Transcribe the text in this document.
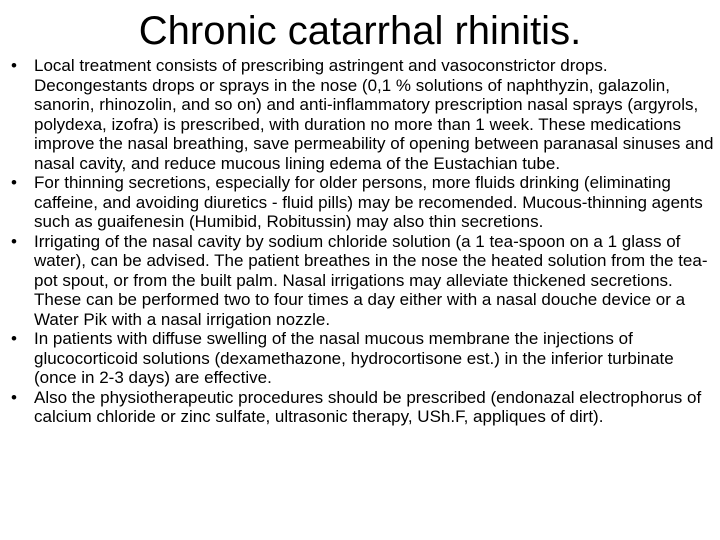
Chronic catarrhal rhinitis.
• Local treatment consists of prescribing astringent and vasoconstrictor drops. Decongestants drops or sprays in the nose (0,1 % solutions of naphthyzin, galazolin, sanorin, rhinozolin, and so on) and anti-inflammatory prescription nasal sprays (argyrols, polydexa, izofra) is prescribed, with duration no more than 1 week. These medications improve the nasal breathing, save permeability of opening between paranasal sinuses and nasal cavity, and reduce mucous lining edema of the Eustachian tube.
• For thinning secretions, especially for older persons, more fluids drinking (eliminating caffeine, and avoiding diuretics - fluid pills) may be recomended. Mucous-thinning agents such as guaifenesin (Humibid, Robitussin) may also thin secretions.
• Irrigating of the nasal cavity by sodium chloride solution (a 1 tea-spoon on a 1 glass of water), can be advised. The patient breathes in the nose the heated solution from the tea-pot spout, or from the built palm. Nasal irrigations may alleviate thickened secretions. These can be performed two to four times a day either with a nasal douche device or a Water Pik with a nasal irrigation nozzle.
• In patients with diffuse swelling of the nasal mucous membrane the injections of glucocorticoid solutions (dexamethazone, hydrocortisone est.) in the inferior turbinate (once in 2-3 days) are effective.
• Also the physiotherapeutic procedures should be prescribed (endonazal electrophorus of calcium chloride or zinc sulfate, ultrasonic therapy, USh.F, appliques of dirt).
